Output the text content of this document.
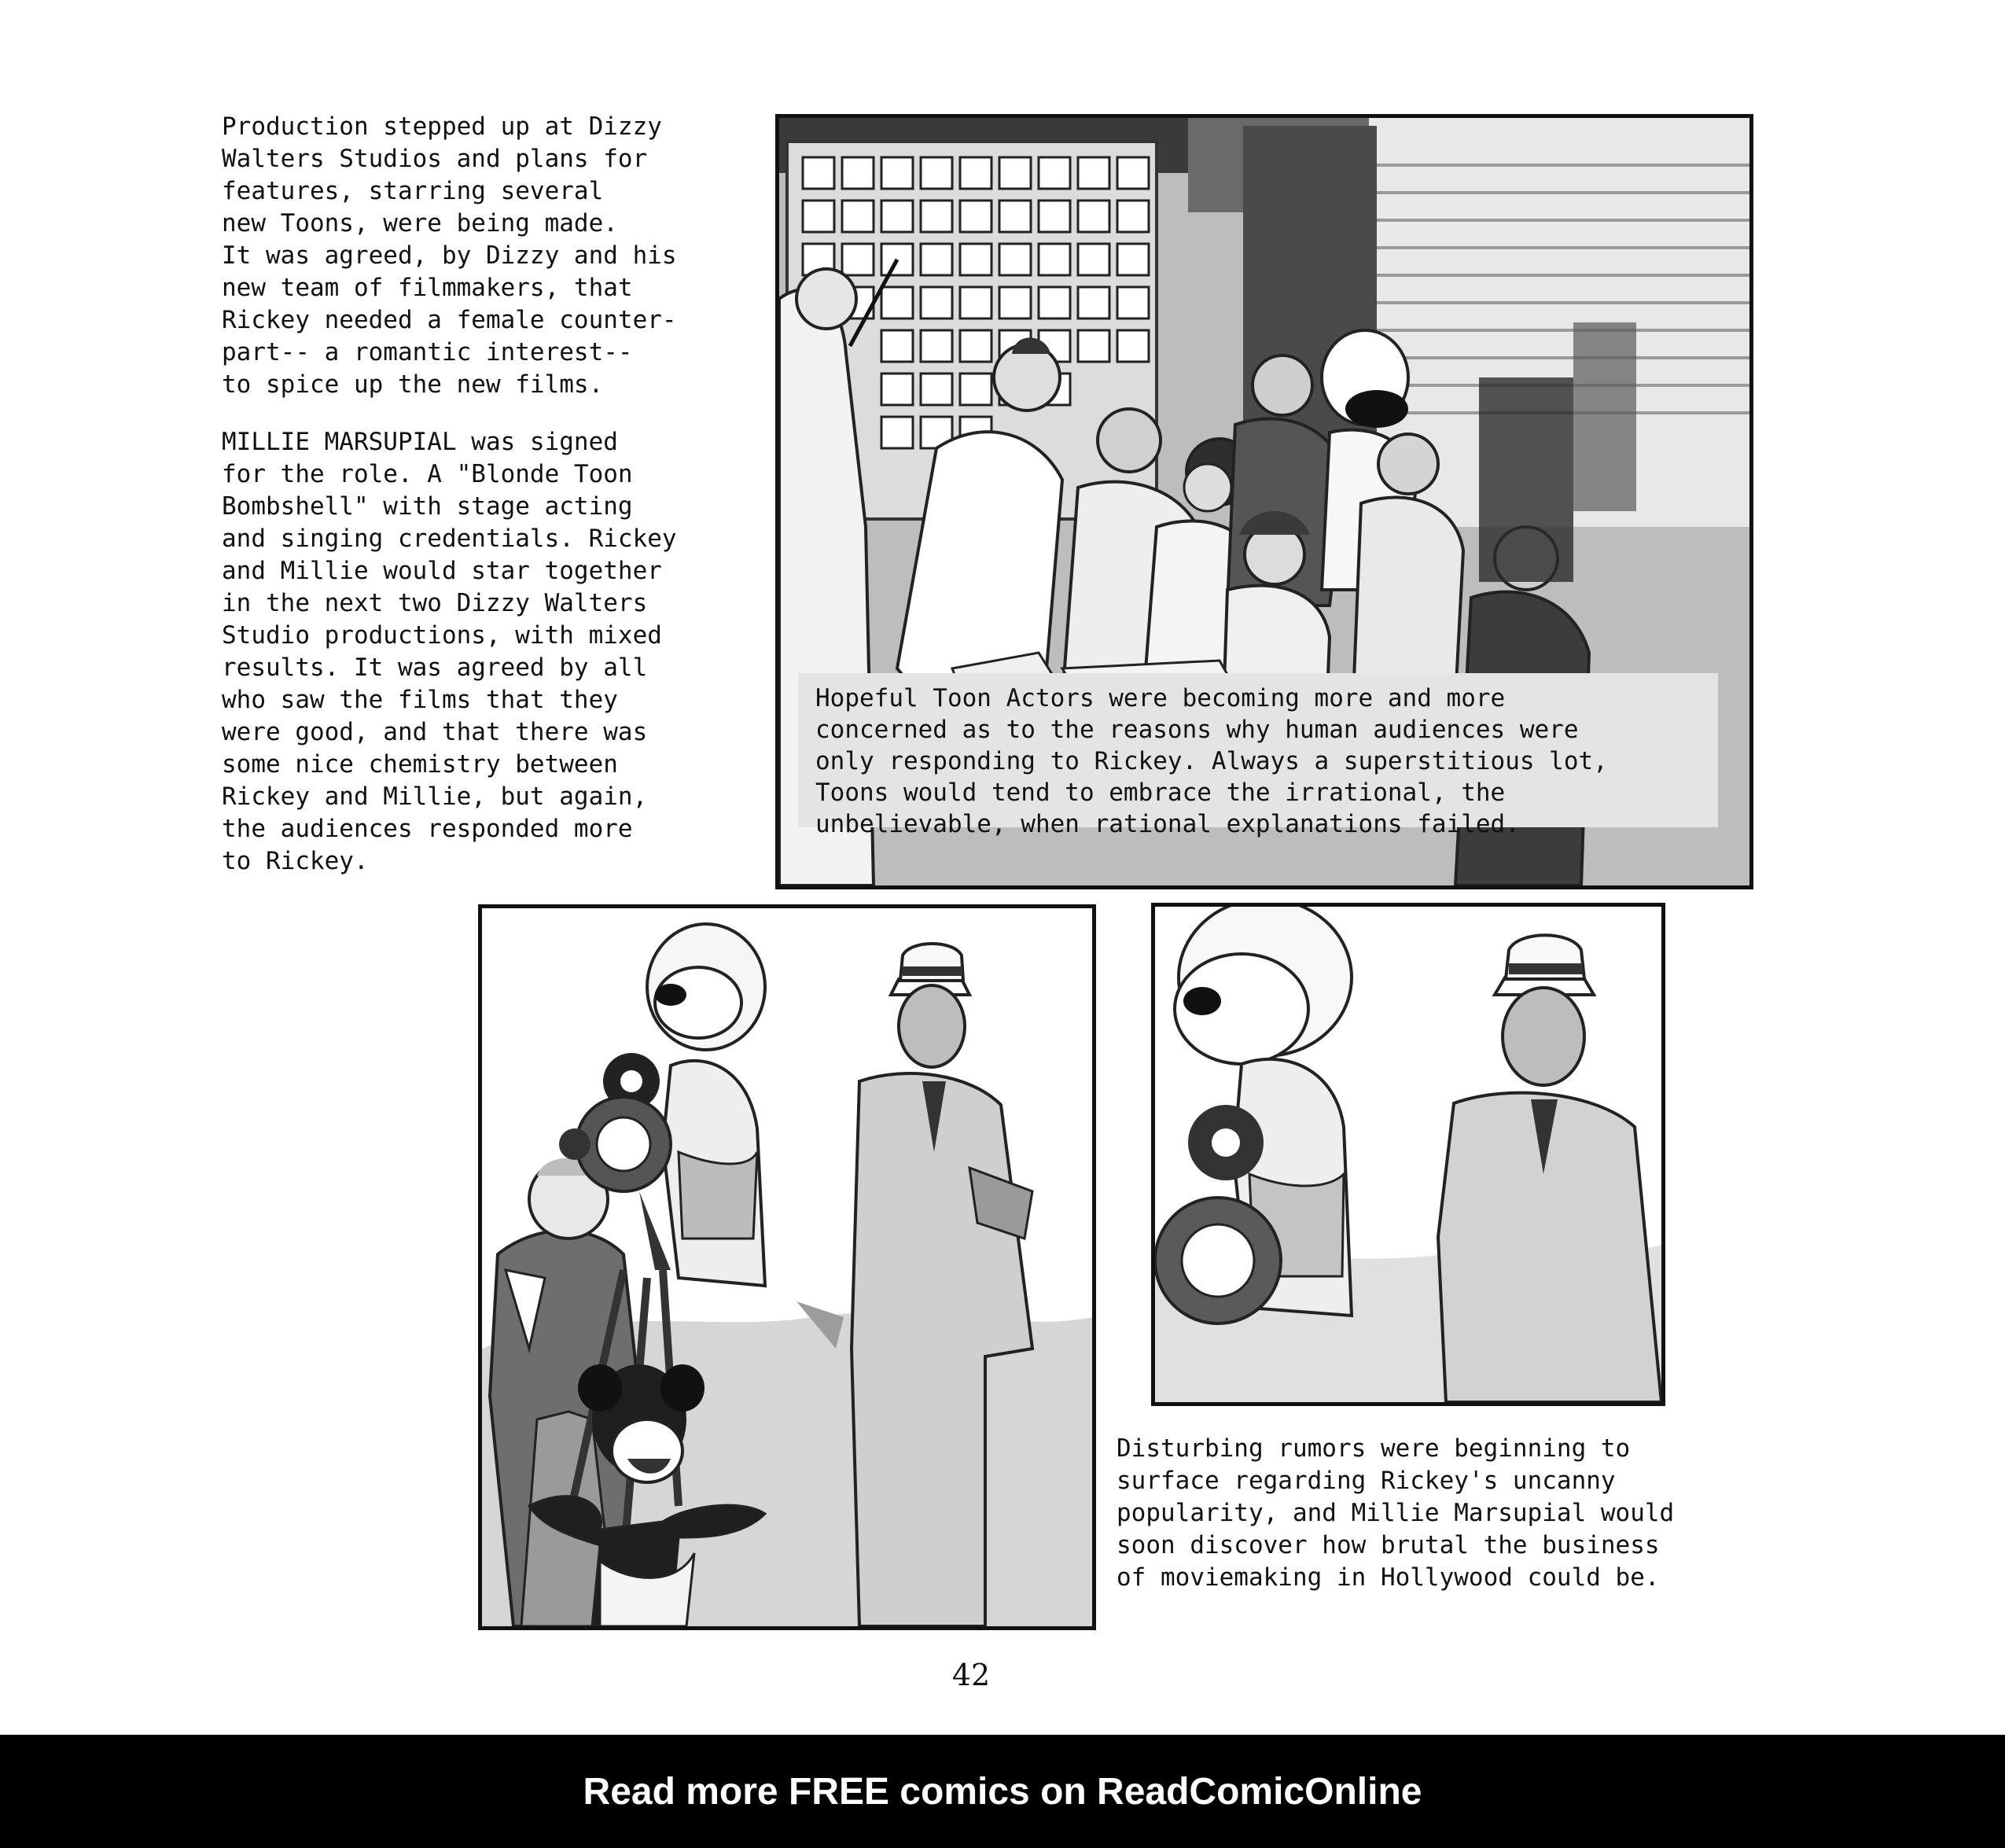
Production stepped up at Dizzy
Walters Studios and plans for
features, starring several
new Toons, were being made.
It was agreed, by Dizzy and his
new team of filmmakers, that
Rickey needed a female counter-
part-- a romantic interest--
to spice up the new films.

MILLIE MARSUPIAL was signed
for the role. A "Blonde Toon
Bombshell" with stage acting
and singing credentials. Rickey
and Millie would star together
in the next two Dizzy Walters
Studio productions, with mixed
results. It was agreed by all
who saw the films that they
were good, and that there was
some nice chemistry between
Rickey and Millie, but again,
the audiences responded more
to Rickey.

Hopeful Toon Actors were becoming more and more
concerned as to the reasons why human audiences were
only responding to Rickey. Always a superstitious lot,
Toons would tend to embrace the irrational, the
unbelievable, when rational explanations failed.

Disturbing rumors were beginning to
surface regarding Rickey's uncanny
popularity, and Millie Marsupial would
soon discover how brutal the business
of moviemaking in Hollywood could be.

42
Read more FREE comics on ReadComicOnline
